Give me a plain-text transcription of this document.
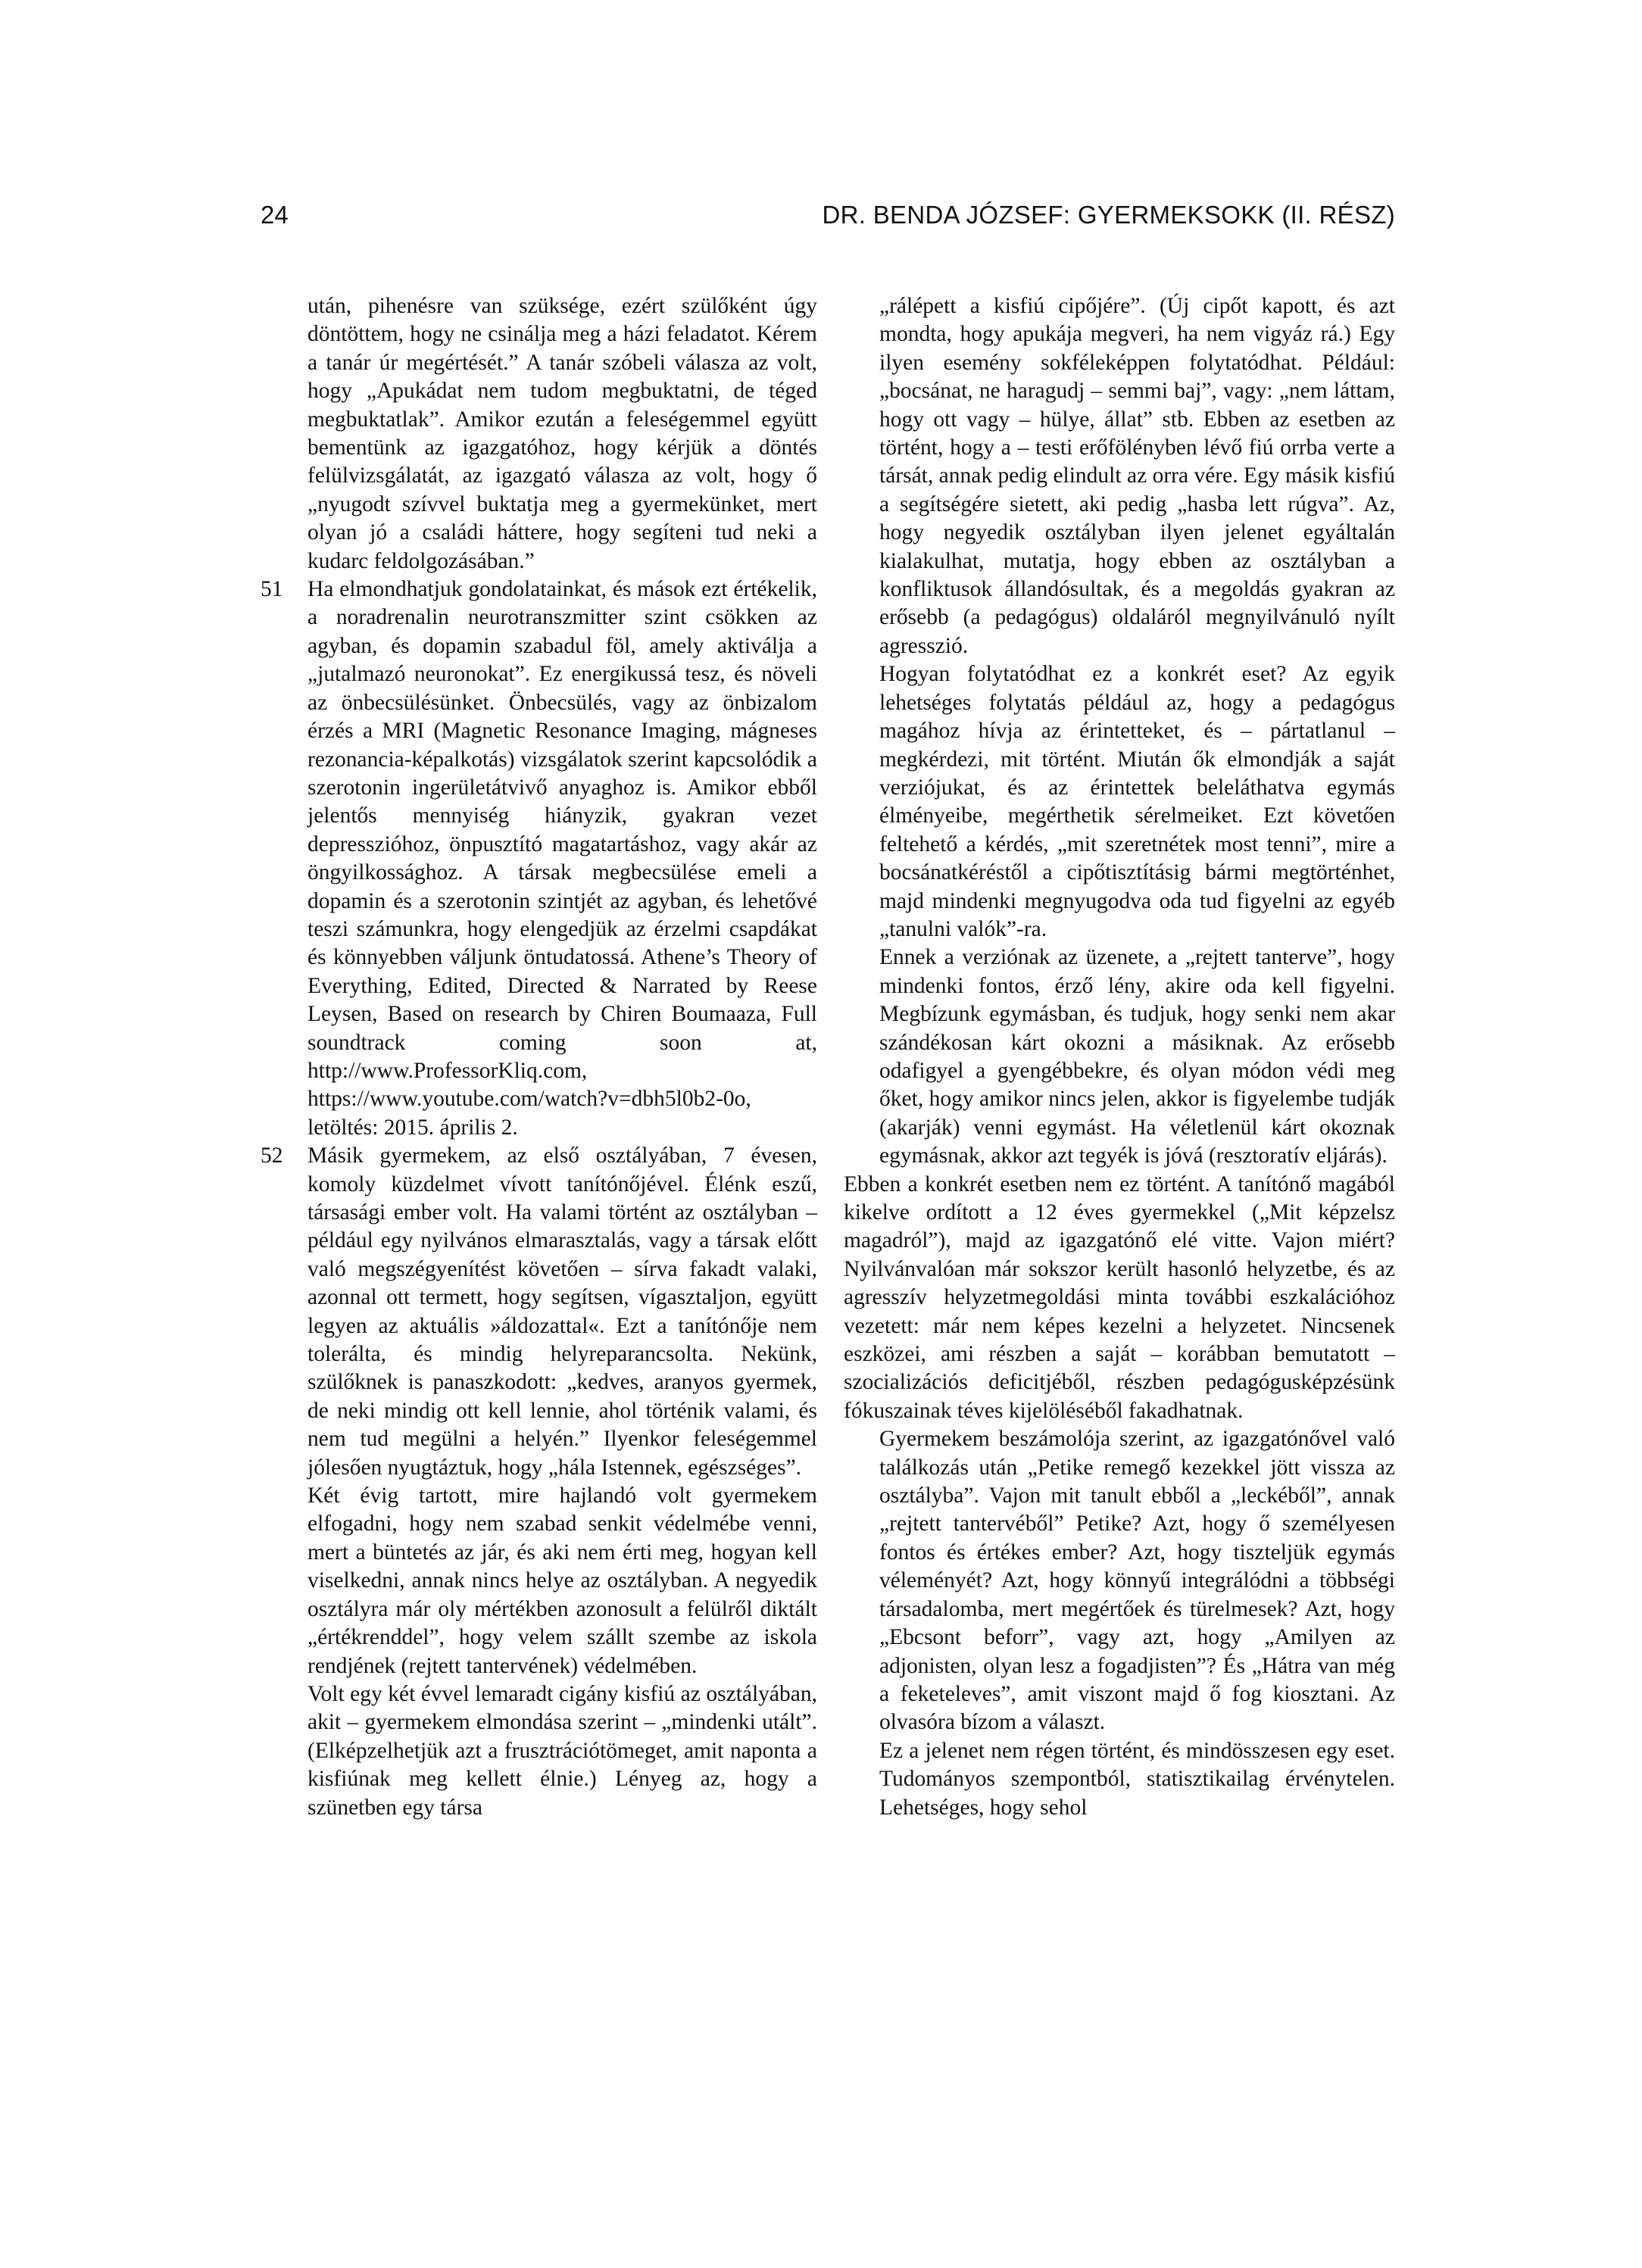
24	DR. BENDA JÓZSEF: GYERMEKSOKK (II. RÉSZ)

után, pihenésre van szüksége, ezért szülőként úgy döntöttem, hogy ne csinálja meg a házi feladatot. Kérem a tanár úr megértését.” A tanár szóbeli válasza az volt, hogy „Apukádat nem tudom megbuktatni, de téged megbuktatlak”. Amikor ezután a feleségemmel együtt bementünk az igazgatóhoz, hogy kérjük a döntés felülvizsgálatát, az igazgató válasza az volt, hogy ő „nyugodt szívvel buktatja meg a gyermekünket, mert olyan jó a családi háttere, hogy segíteni tud neki a kudarc feldolgozásában.”

51 Ha elmondhatjuk gondolatainkat, és mások ezt értékelik, a noradrenalin neurotranszmitter szint csökken az agyban, és dopamin szabadul föl, amely aktiválja a „jutalmazó neuronokat”. Ez energikussá tesz, és növeli az önbecsülésünket. Önbecsülés, vagy az önbizalom érzés a MRI (Magnetic Resonance Imaging, mágneses rezonancia-képalkotás) vizsgálatok szerint kapcsolódik a szerotonin ingerületátvivő anyaghoz is. Amikor ebből jelentős mennyiség hiányzik, gyakran vezet depresszióhoz, önpusztító magatartáshoz, vagy akár az öngyilkossághoz. A társak megbecsülése emeli a dopamin és a szerotonin szintjét az agyban, és lehetővé teszi számunkra, hogy elengedjük az érzelmi csapdákat és könnyebben váljunk öntudatossá. Athene’s Theory of Everything, Edited, Directed & Narrated by Reese Leysen, Based on research by Chiren Boumaaza, Full soundtrack coming soon at, http://www.ProfessorKliq.com, https://www.youtube.com/watch?v=dbh5l0b2-0o, letöltés: 2015. április 2.

52 Másik gyermekem, az első osztályában, 7 évesen, komoly küzdelmet vívott tanítónőjével. Élénk eszű, társasági ember volt. Ha valami történt az osztályban – például egy nyilvános elmarasztalás, vagy a társak előtt való megszégyenítést követően – sírva fakadt valaki, azonnal ott termett, hogy segítsen, vígasztaljon, együtt legyen az aktuális »áldozattal«. Ezt a tanítónője nem tolerálta, és mindig helyreparancsolta. Nekünk, szülőknek is panaszkodott: „kedves, aranyos gyermek, de neki mindig ott kell lennie, ahol történik valami, és nem tud megülni a helyén.” Ilyenkor feleségemmel jólesően nyugtáztuk, hogy „hála Istennek, egészséges”.

Két évig tartott, mire hajlandó volt gyermekem elfogadni, hogy nem szabad senkit védelmébe venni, mert a büntetés az jár, és aki nem érti meg, hogyan kell viselkedni, annak nincs helye az osztályban. A negyedik osztályra már oly mértékben azonosult a felülről diktált „értékrenddel”, hogy velem szállt szembe az iskola rendjének (rejtett tantervének) védelmében.

Volt egy két évvel lemaradt cigány kisfiú az osztályában, akit – gyermekem elmondása szerint – „mindenki utált”. (Elképzelhetjük azt a frusztrációtömeget, amit naponta a kisfiúnak meg kellett élnie.) Lényeg az, hogy a szünetben egy társa

„rálépett a kisfiú cipőjére”. (Új cipőt kapott, és azt mondta, hogy apukája megveri, ha nem vigyáz rá.) Egy ilyen esemény sokféleképpen folytatódhat. Például: „bocsánat, ne haragudj – semmi baj”, vagy: „nem láttam, hogy ott vagy – hülye, állat” stb. Ebben az esetben az történt, hogy a – testi erőfölényben lévő fiú orrba verte a társát, annak pedig elindult az orra vére. Egy másik kisfiú a segítségére sietett, aki pedig „hasba lett rúgva”. Az, hogy negyedik osztályban ilyen jelenet egyáltalán kialakulhat, mutatja, hogy ebben az osztályban a konfliktusok állandósultak, és a megoldás gyakran az erősebb (a pedagógus) oldaláról megnyilvánuló nyílt agresszió.

Hogyan folytatódhat ez a konkrét eset? Az egyik lehetséges folytatás például az, hogy a pedagógus magához hívja az érintetteket, és – pártatlanul – megkérdezi, mit történt. Miután ők elmondják a saját verziójukat, és az érintettek beleláthatva egymás élményeibe, megérthetik sérelmeiket. Ezt követően feltehető a kérdés, „mit szeretnétek most tenni”, mire a bocsánatkéréstől a cipőtisztításig bármi megtörténhet, majd mindenki megnyugodva oda tud figyelni az egyéb „tanulni valók”-ra.

Ennek a verziónak az üzenete, a „rejtett tanterve”, hogy mindenki fontos, érző lény, akire oda kell figyelni. Megbízunk egymásban, és tudjuk, hogy senki nem akar szándékosan kárt okozni a másiknak. Az erősebb odafigyel a gyengébbekre, és olyan módon védi meg őket, hogy amikor nincs jelen, akkor is figyelembe tudják (akarják) venni egymást. Ha véletlenül kárt okoznak egymásnak, akkor azt tegyék is jóvá (resztoratív eljárás).

Ebben a konkrét esetben nem ez történt. A tanítónő magából kikelve ordított a 12 éves gyermekkel („Mit képzelsz magadról”), majd az igazgatónő elé vitte. Vajon miért? Nyilvánvalóan már sokszor került hasonló helyzetbe, és az agresszív helyzetmegoldási minta további eszkalációhoz vezetett: már nem képes kezelni a helyzetet. Nincsenek eszközei, ami részben a saját – korábban bemutatott – szocializációs deficitjéből, részben pedagógusképzésünk fókuszainak téves kijelöléséből fakadhatnak.

Gyermekem beszámolója szerint, az igazgatónővel való találkozás után „Petike remegő kezekkel jött vissza az osztályba”. Vajon mit tanult ebből a „leckéből”, annak „rejtett tantervéből” Petike? Azt, hogy ő személyesen fontos és értékes ember? Azt, hogy tiszteljük egymás véleményét? Azt, hogy könnyű integrálódni a többségi társadalomba, mert megértőek és türelmesek? Azt, hogy „Ebcsont beforr”, vagy azt, hogy „Amilyen az adjonisten, olyan lesz a fogadjisten”? És „Hátra van még a feketeleves”, amit viszont majd ő fog kiosztani. Az olvasóra bízom a választ.

Ez a jelenet nem régen történt, és mindösszesen egy eset. Tudományos szempontból, statisztikailag érvénytelen. Lehetséges, hogy sehol
